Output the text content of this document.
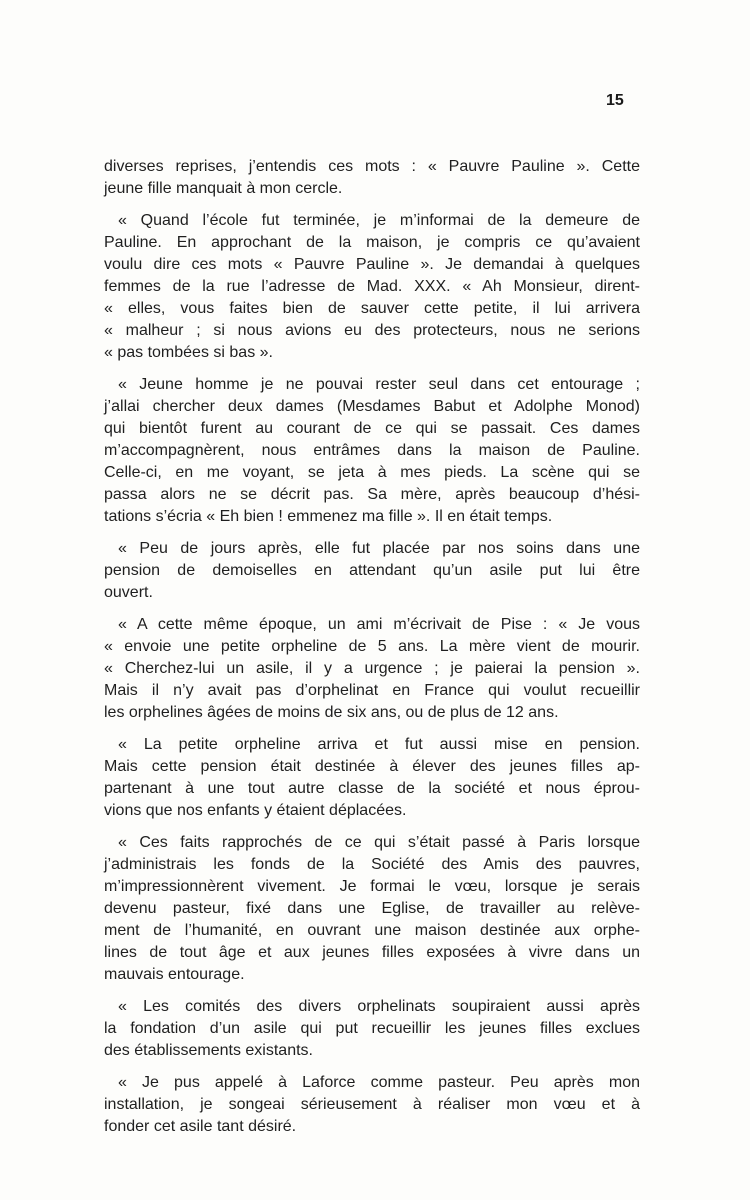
15

diverses reprises, j’entendis ces mots : « Pauvre Pauline ». Cette
jeune fille manquait à mon cercle.

« Quand l’école fut terminée, je m’informai de la demeure de
Pauline. En approchant de la maison, je compris ce qu’avaient
voulu dire ces mots « Pauvre Pauline ». Je demandai à quelques
femmes de la rue l’adresse de Mad. XXX. « Ah Monsieur, dirent-
« elles, vous faites bien de sauver cette petite, il lui arrivera
« malheur ; si nous avions eu des protecteurs, nous ne serions
« pas tombées si bas ».

« Jeune homme je ne pouvai rester seul dans cet entourage ;
j’allai chercher deux dames (Mesdames Babut et Adolphe Monod)
qui bientôt furent au courant de ce qui se passait. Ces dames
m’accompagnèrent, nous entrâmes dans la maison de Pauline.
Celle-ci, en me voyant, se jeta à mes pieds. La scène qui se
passa alors ne se décrit pas. Sa mère, après beaucoup d’hési-
tations s’écria « Eh bien ! emmenez ma fille ». Il en était temps.

« Peu de jours après, elle fut placée par nos soins dans une
pension de demoiselles en attendant qu’un asile put lui être
ouvert.

« A cette même époque, un ami m’écrivait de Pise : « Je vous
« envoie une petite orpheline de 5 ans. La mère vient de mourir.
« Cherchez-lui un asile, il y a urgence ; je paierai la pension ».
Mais il n’y avait pas d’orphelinat en France qui voulut recueillir
les orphelines âgées de moins de six ans, ou de plus de 12 ans.

« La petite orpheline arriva et fut aussi mise en pension.
Mais cette pension était destinée à élever des jeunes filles ap-
partenant à une tout autre classe de la société et nous éprou-
vions que nos enfants y étaient déplacées.

« Ces faits rapprochés de ce qui s’était passé à Paris lorsque
j’administrais les fonds de la Société des Amis des pauvres,
m’impressionnèrent vivement. Je formai le vœu, lorsque je serais
devenu pasteur, fixé dans une Eglise, de travailler au relève-
ment de l’humanité, en ouvrant une maison destinée aux orphe-
lines de tout âge et aux jeunes filles exposées à vivre dans un
mauvais entourage.

« Les comités des divers orphelinats soupiraient aussi après
la fondation d’un asile qui put recueillir les jeunes filles exclues
des établissements existants.

« Je pus appelé à Laforce comme pasteur. Peu après mon
installation, je songeai sérieusement à réaliser mon vœu et à
fonder cet asile tant désiré.
